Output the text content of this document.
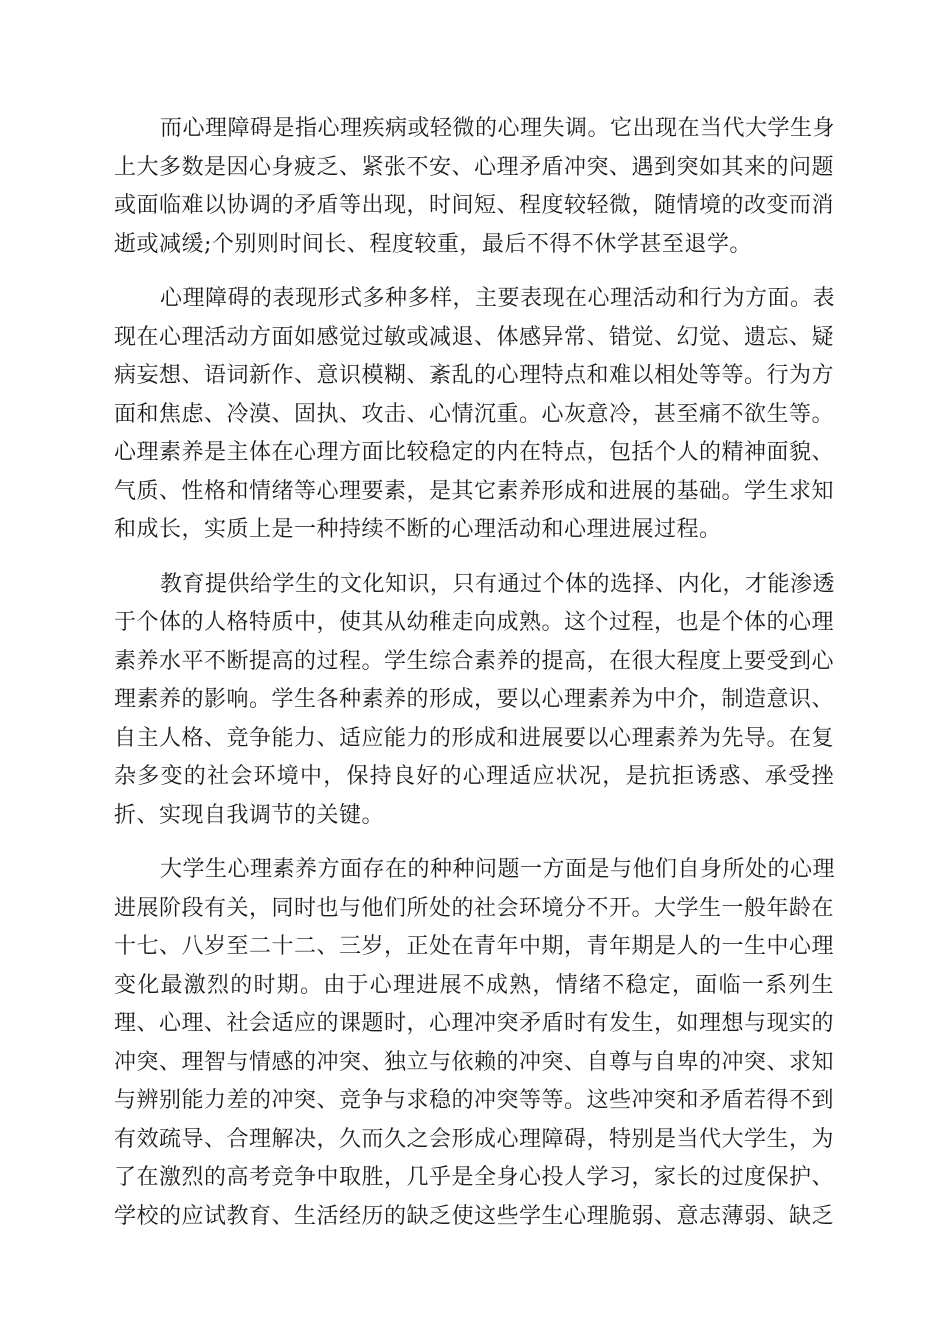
而心理障碍是指心理疾病或轻微的心理失调。它出现在当代大学生身
上大多数是因心身疲乏、紧张不安、心理矛盾冲突、遇到突如其来的问题
或面临难以协调的矛盾等出现，时间短、程度较轻微，随情境的改变而消
逝或减缓;个别则时间长、程度较重，最后不得不休学甚至退学。
心理障碍的表现形式多种多样，主要表现在心理活动和行为方面。表
现在心理活动方面如感觉过敏或减退、体感异常、错觉、幻觉、遗忘、疑
病妄想、语词新作、意识模糊、紊乱的心理特点和难以相处等等。行为方
面和焦虑、冷漠、固执、攻击、心情沉重。心灰意冷，甚至痛不欲生等。
心理素养是主体在心理方面比较稳定的内在特点，包括个人的精神面貌、
气质、性格和情绪等心理要素，是其它素养形成和进展的基础。学生求知
和成长，实质上是一种持续不断的心理活动和心理进展过程。
教育提供给学生的文化知识，只有通过个体的选择、内化，才能渗透
于个体的人格特质中，使其从幼稚走向成熟。这个过程，也是个体的心理
素养水平不断提高的过程。学生综合素养的提高，在很大程度上要受到心
理素养的影响。学生各种素养的形成，要以心理素养为中介，制造意识、
自主人格、竞争能力、适应能力的形成和进展要以心理素养为先导。在复
杂多变的社会环境中，保持良好的心理适应状况，是抗拒诱惑、承受挫
折、实现自我调节的关键。
大学生心理素养方面存在的种种问题一方面是与他们自身所处的心理
进展阶段有关，同时也与他们所处的社会环境分不开。大学生一般年龄在
十七、八岁至二十二、三岁，正处在青年中期，青年期是人的一生中心理
变化最激烈的时期。由于心理进展不成熟，情绪不稳定，面临一系列生
理、心理、社会适应的课题时，心理冲突矛盾时有发生，如理想与现实的
冲突、理智与情感的冲突、独立与依赖的冲突、自尊与自卑的冲突、求知
与辨别能力差的冲突、竞争与求稳的冲突等等。这些冲突和矛盾若得不到
有效疏导、合理解决，久而久之会形成心理障碍，特别是当代大学生，为
了在激烈的高考竞争中取胜，几乎是全身心投人学习，家长的过度保护、
学校的应试教育、生活经历的缺乏使这些学生心理脆弱、意志薄弱、缺乏
